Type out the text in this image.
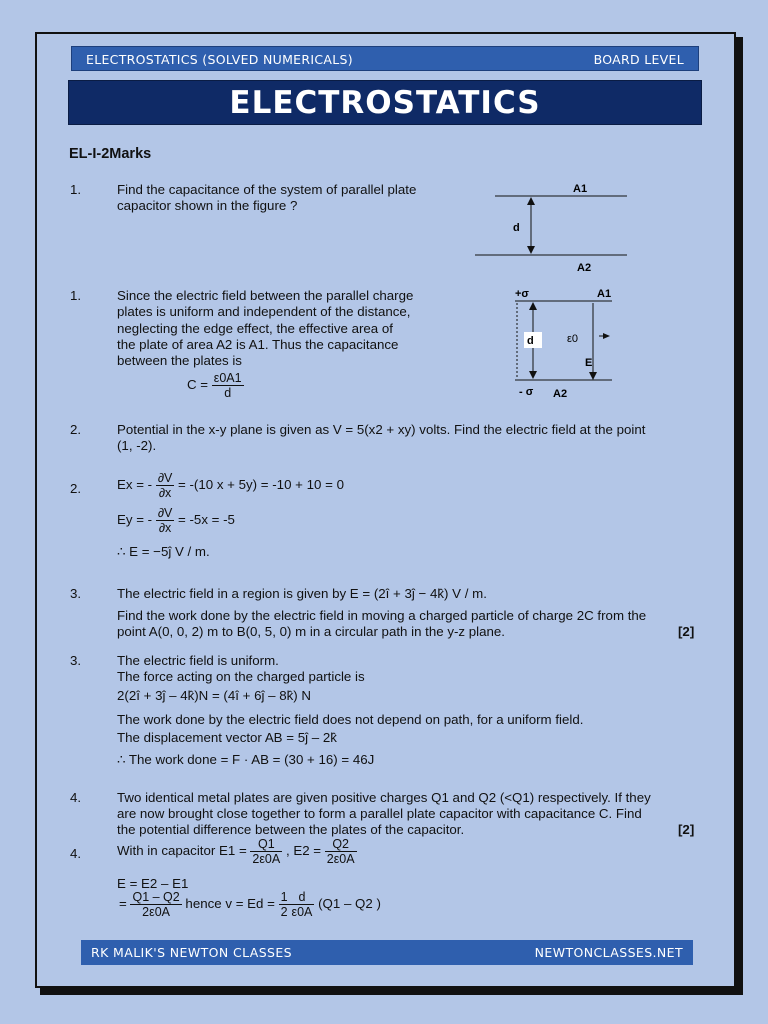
ELECTROSTATICS (SOLVED NUMERICALS)	BOARD LEVEL
ELECTROSTATICS
EL-I-2Marks
1.	Find the capacitance of the system of parallel plate
capacitor shown in the figure ?
A1
d
A2
1.	Since the electric field between the parallel charge
plates is uniform and independent of the distance,
neglecting the edge effect, the effective area of
the plate of area A2 is A1. Thus the capacitance
between the plates is
$C = \frac{\varepsilon 0A1}{d}$
d
+σ	A1
ε0
E
- σ A2
2.	Potential in the x-y plane is given as V = 5(x2 + xy) volts. Find the electric field at the point
(1, -2).
2.	Ex = - $\frac{\partial V}{\partial x} = -(10$ x + 5y) = -10 + 10 = 0
Ey = - $\frac{\partial V}{\partial x} = -5x = -5$
∴ E = −5ĵ V / m.
3.	The electric field in a region is given by E = (2î + 3ĵ − 4k̂) V / m.
Find the work done by the electric field in moving a charged particle of charge 2C from the
point A(0, 0, 2) m to B(0, 5, 0) m in a circular path in the y-z plane.	[2]
3.	The electric field is uniform.
The force acting on the charged particle is
2(2î + 3ĵ – 4k̂)N = (4î + 6ĵ – 8k̂) N
The work done by the electric field does not depend on path, for a uniform field.
The displacement vector AB = 5ĵ – 2k̂
∴ The work done = F · AB = (30 + 16) = 46J
4.	Two identical metal plates are given positive charges Q1 and Q2 (<Q1) respectively. If they
are now brought close together to form a parallel plate capacitor with capacitance C. Find
the potential difference between the plates of the capacitor.	[2]
4.	With in capacitor $E1 = \frac{Q1}{2\varepsilon 0A}$ , $E2 = \frac{Q2}{2\varepsilon 0A}$
E = E2 – E1
= $\frac{Q1 - Q2}{2\varepsilon 0A}$ hence $v = Ed = \frac{1}{2} \frac{d}{\varepsilon 0A} (Q1 - Q2$ )
RK MALIK'S NEWTON CLASSES	NEWTONCLASSES.NET
